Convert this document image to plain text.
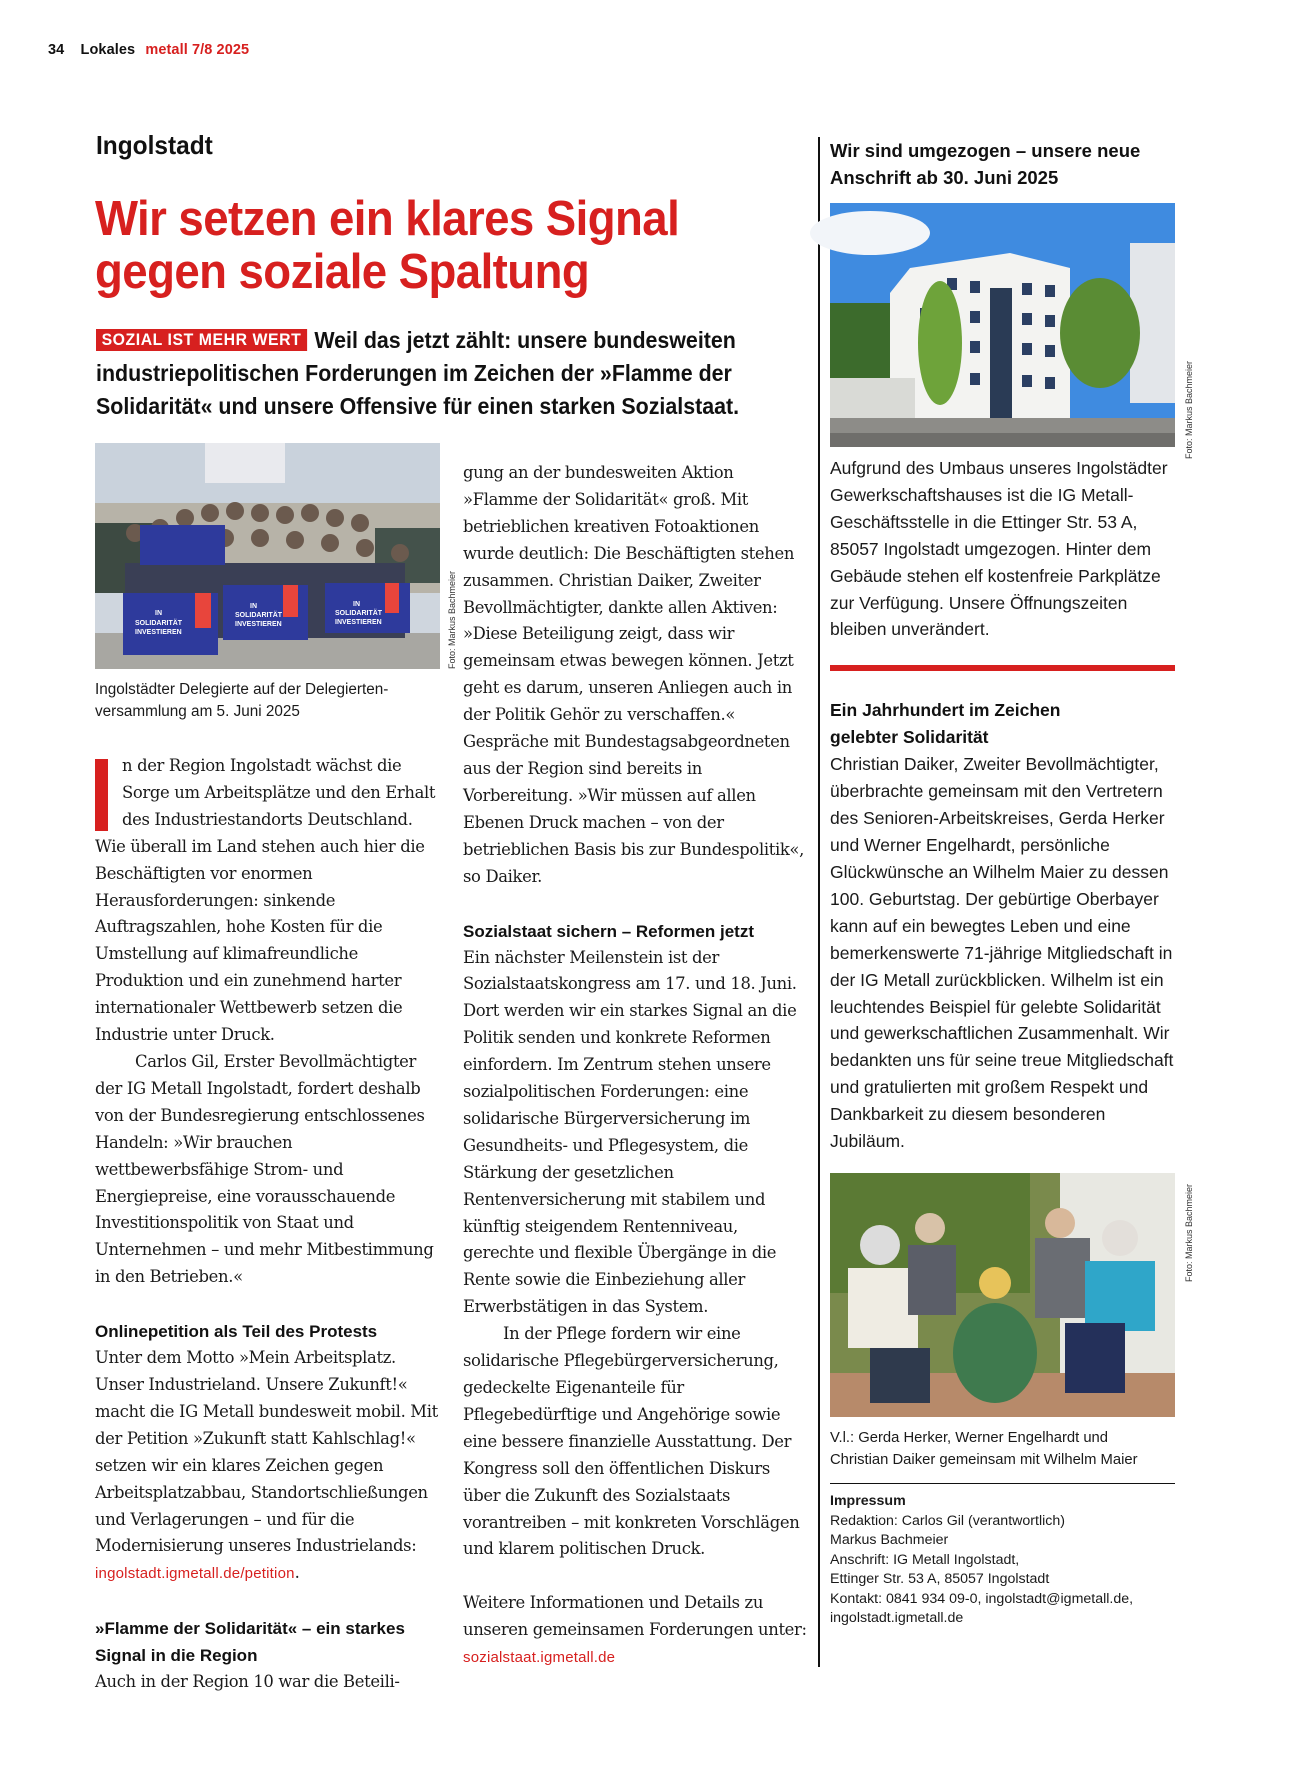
34 Lokales metall 7/8 2025
Ingolstadt
Wir setzen ein klares Signal
gegen soziale Spaltung
SOZIAL IST MEHR WERT Weil das jetzt zählt: unsere bundesweiten industriepolitischen Forderungen im Zeichen der »Flamme der Solidarität« und unsere Offensive für einen starken Sozialstaat.
IN
SOLIDARITÄT
INVESTIEREN
IN
SOLIDARITÄT
INVESTIEREN
IN
SOLIDARITÄT
INVESTIEREN	Foto: Markus Bachmeier

Ingolstädter Delegierte auf der Delegiertenversammlung am 5. Juni 2025

n der Region Ingolstadt wächst die Sorge um Arbeitsplätze und den Erhalt des Industriestandorts Deutschland. Wie überall im Land stehen auch hier die Beschäftigten vor enormen Herausforderungen: sinkende Auftragszahlen, hohe Kosten für die Umstellung auf klimafreundliche Produktion und ein zunehmend harter internationaler Wettbewerb setzen die Industrie unter Druck.

Carlos Gil, Erster Bevollmächtigter der IG Metall Ingolstadt, fordert deshalb von der Bundesregierung entschlossenes Handeln: »Wir brauchen wettbewerbsfähige Strom- und Energiepreise, eine vorausschauende Investitionspolitik von Staat und Unternehmen – und mehr Mitbestimmung in den Betrieben.«

Onlinepetition als Teil des Protests

Unter dem Motto »Mein Arbeitsplatz. Unser Industrieland. Unsere Zukunft!« macht die IG Metall bundesweit mobil. Mit der Petition »Zukunft statt Kahlschlag!« setzen wir ein klares Zeichen gegen Arbeitsplatzabbau, Standortschließungen und Verlagerungen – und für die Modernisierung unseres Industrielands: ingolstadt.igmetall.de/petition.

»Flamme der Solidarität« – ein starkes Signal in die Region

Auch in der Region 10 war die Beteili-

gung an der bundesweiten Aktion »Flamme der Solidarität« groß. Mit betrieblichen kreativen Fotoaktionen wurde deutlich: Die Beschäftigten stehen zusammen. Christian Daiker, Zweiter Bevollmächtigter, dankte allen Aktiven: »Diese Beteiligung zeigt, dass wir gemeinsam etwas bewegen können. Jetzt geht es darum, unseren Anliegen auch in der Politik Gehör zu verschaffen.« Gespräche mit Bundestagsabgeordneten aus der Region sind bereits in Vorbereitung. »Wir müssen auf allen Ebenen Druck machen – von der betrieblichen Basis bis zur Bundespolitik«, so Daiker.

Sozialstaat sichern – Reformen jetzt

Ein nächster Meilenstein ist der Sozialstaatskongress am 17. und 18. Juni. Dort werden wir ein starkes Signal an die Politik senden und konkrete Reformen einfordern. Im Zentrum stehen unsere sozialpolitischen Forderungen: eine solidarische Bürgerversicherung im Gesundheits- und Pflegesystem, die Stärkung der gesetzlichen Rentenversicherung mit stabilem und künftig steigendem Rentenniveau, gerechte und flexible Übergänge in die Rente sowie die Einbeziehung aller Erwerbstätigen in das System.

In der Pflege fordern wir eine solidarische Pflegebürgerversicherung, gedeckelte Eigenanteile für Pflegebedürftige und Angehörige sowie eine bessere finanzielle Ausstattung. Der Kongress soll den öffentlichen Diskurs über die Zukunft des Sozialstaats vorantreiben – mit konkreten Vorschlägen und klarem politischen Druck.

Weitere Informationen und Details zu unseren gemeinsamen Forderungen unter: sozialstaat.igmetall.de

Wir sind umgezogen – unsere neue Anschrift ab 30. Juni 2025

Foto: Markus Bachmeier

Aufgrund des Umbaus unseres Ingolstädter Gewerkschaftshauses ist die IG Metall-Geschäftsstelle in die Ettinger Str. 53 A, 85057 Ingolstadt umgezogen. Hinter dem Gebäude stehen elf kostenfreie Parkplätze zur Verfügung. Unsere Öffnungszeiten bleiben unverändert.

Ein Jahrhundert im Zeichen gelebter Solidarität

Christian Daiker, Zweiter Bevollmächtigter, überbrachte gemeinsam mit den Vertretern des Senioren-Arbeitskreises, Gerda Herker und Werner Engelhardt, persönliche Glückwünsche an Wilhelm Maier zu dessen 100. Geburtstag. Der gebürtige Oberbayer kann auf ein bewegtes Leben und eine bemerkenswerte 71-jährige Mitgliedschaft in der IG Metall zurückblicken. Wilhelm ist ein leuchtendes Beispiel für gelebte Solidarität und gewerkschaftlichen Zusammenhalt. Wir bedankten uns für seine treue Mitgliedschaft und gratulierten mit großem Respekt und Dankbarkeit zu diesem besonderen Jubiläum.

Foto: Markus Bachmeier

V.l.: Gerda Herker, Werner Engelhardt und Christian Daiker gemeinsam mit Wilhelm Maier

Impressum

Redaktion: Carlos Gil (verantwortlich)

Markus Bachmeier

Anschrift: IG Metall Ingolstadt,

Ettinger Str. 53 A, 85057 Ingolstadt

Kontakt: 0841 934 09-0, ingolstadt@igmetall.de,

ingolstadt.igmetall.de
